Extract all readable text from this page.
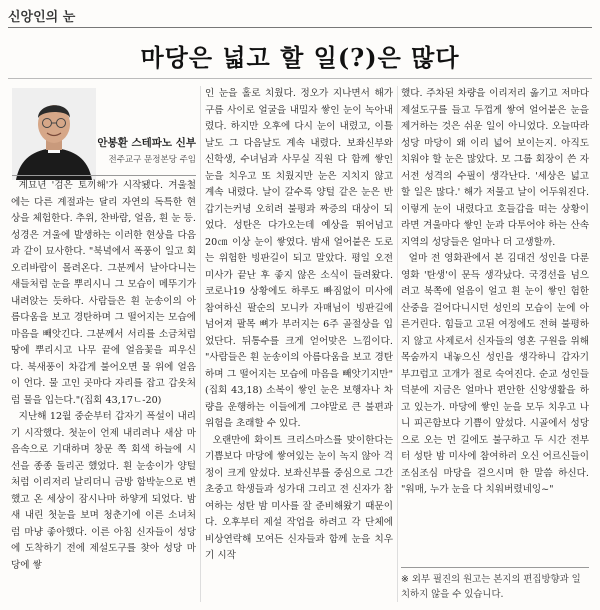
신앙인의 눈
마당은 넓고 할 일(?)은 많다
안봉환 스테파노 신부
전주교구 문정본당 주임

계묘년 '검은 토끼해'가 시작됐다. 겨울철에는 다른 계절과는 달리 자연의 독특한 현상을 체험한다. 추위, 찬바람, 얼음, 흰 눈 등. 성경은 겨울에 발생하는 이러한 현상을 다음과 같이 묘사한다. "북녘에서 폭풍이 일고 회오리바람이 몰려온다. 그분께서 날아다니는 새들처럼 눈을 뿌리시니 그 모습이 메뚜기가 내려앉는 듯하다. 사람들은 흰 눈송이의 아름다움을 보고 경탄하며 그 떨어지는 모습에 마음을 빼앗긴다. 그분께서 서리를 소금처럼 땅에 뿌리시고 나무 끝에 얼음꽃을 피우신다. 북새풍이 차갑게 불어오면 물 위에 얼음이 언다. 물 고인 곳마다 자리를 잡고 갑옷처럼 물을 입는다."(집회 43,17ㄴ-20)

지난해 12월 중순부터 갑자기 폭설이 내리기 시작했다. 첫눈이 언제 내리려나 새삼 마음속으로 기대하며 창문 쪽 회색 하늘에 시선을 종종 돌리곤 했었다. 흰 눈송이가 양털처럼 이리저리 날리더니 금방 함박눈으로 변했고 온 세상이 잠시나마 하얗게 되었다. 밤새 내린 첫눈을 보며 청춘기에 이른 소녀처럼 마냥 좋아했다. 이른 아침 신자들이 성당에 도착하기 전에 제설도구를 찾아 성당 마당에 쌓

인 눈을 홀로 치웠다. 정오가 지나면서 해가 구름 사이로 얼굴을 내밀자 쌓인 눈이 녹아내렸다. 하지만 오후에 다시 눈이 내렸고, 이틀날도 그 다음날도 계속 내렸다. 보좌신부와 신학생, 수녀님과 사무실 직원 다 함께 쌓인 눈을 치우고 또 치웠지만 눈은 지치지 않고 계속 내렸다. 날이 갈수록 양털 같은 눈은 반갑기는커녕 오히려 불평과 짜증의 대상이 되었다. 성탄은 다가오는데 예상을 뛰어넘고 20㎝ 이상 눈이 쌓였다. 밤새 얼어붙은 도로는 위험한 빙판길이 되고 말았다. 평일 오전 미사가 끝난 후 좋지 않은 소식이 들려왔다. 코로나19 상황에도 하루도 빠짐없이 미사에 참여하신 팔순의 모니카 자매님이 빙판길에 넘어져 팔목 뼈가 부러지는 6주 골절상을 입었단다. 뒤통수를 크게 얻어맞은 느낌이다. "사람들은 흰 눈송이의 아름다움을 보고 경탄하며 그 떨어지는 모습에 마음을 빼앗기지만"(집회 43,18) 소복이 쌓인 눈은 보행자나 차량을 운행하는 이들에게 그야말로 큰 불편과 위험을 초래할 수 있다.

오랜만에 화이트 크리스마스를 맞이한다는 기쁨보다 마당에 쌓여있는 눈이 녹지 않아 걱정이 크게 앞섰다. 보좌신부를 중심으로 그간 초중고 학생들과 성가대 그리고 전 신자가 참여하는 성탄 밤 미사를 잘 준비해왔기 때문이다. 오후부터 제설 작업을 하려고 각 단체에 비상연락해 모여든 신자들과 함께 눈을 치우기 시작

했다. 주차된 차량을 이리저리 옮기고 저마다 제설도구를 들고 두껍게 쌓여 얼어붙은 눈을 제거하는 것은 쉬운 일이 아니었다. 오늘따라 성당 마당이 왜 이리 넓어 보이는지. 아직도 치워야 할 눈은 많았다. 모 그룹 회장이 쓴 자서전 성격의 수필이 생각난다. '세상은 넓고 할 일은 많다.' 해가 저물고 날이 어두워진다. 이렇게 눈이 내렸다고 호들갑을 떠는 상황이라면 겨울마다 쌓인 눈과 다투어야 하는 산속 지역의 성당들은 얼마나 더 고생할까.

얼마 전 영화관에서 본 김대건 성인을 다룬 영화 '탄생'이 문득 생각났다. 국경선을 넘으려고 북쪽에 얼음이 얼고 흰 눈이 쌓인 험한산중을 걸어다니시던 성인의 모습이 눈에 아른거린다. 힘들고 고된 여정에도 전혀 불평하지 않고 사제로서 신자들의 영혼 구원을 위해 목숨까지 내놓으신 성인을 생각하니 갑자기 부끄럽고 고개가 절로 숙여진다. 순교 성인들 덕분에 지금은 얼마나 편안한 신앙생활을 하고 있는가. 마당에 쌓인 눈을 모두 치우고 나니 피곤함보다 기쁨이 앞섰다. 시골에서 성당으로 오는 먼 길에도 불구하고 두 시간 전부터 성탄 밤 미사에 참여하러 오신 어르신들이 조심조심 마당을 걸으시며 한 말씀 하신다. "워매, 누가 눈을 다 치워버렸네잉~"

※ 외부 필진의 원고는 본지의 편집방향과 일치하지 않을 수 있습니다.
